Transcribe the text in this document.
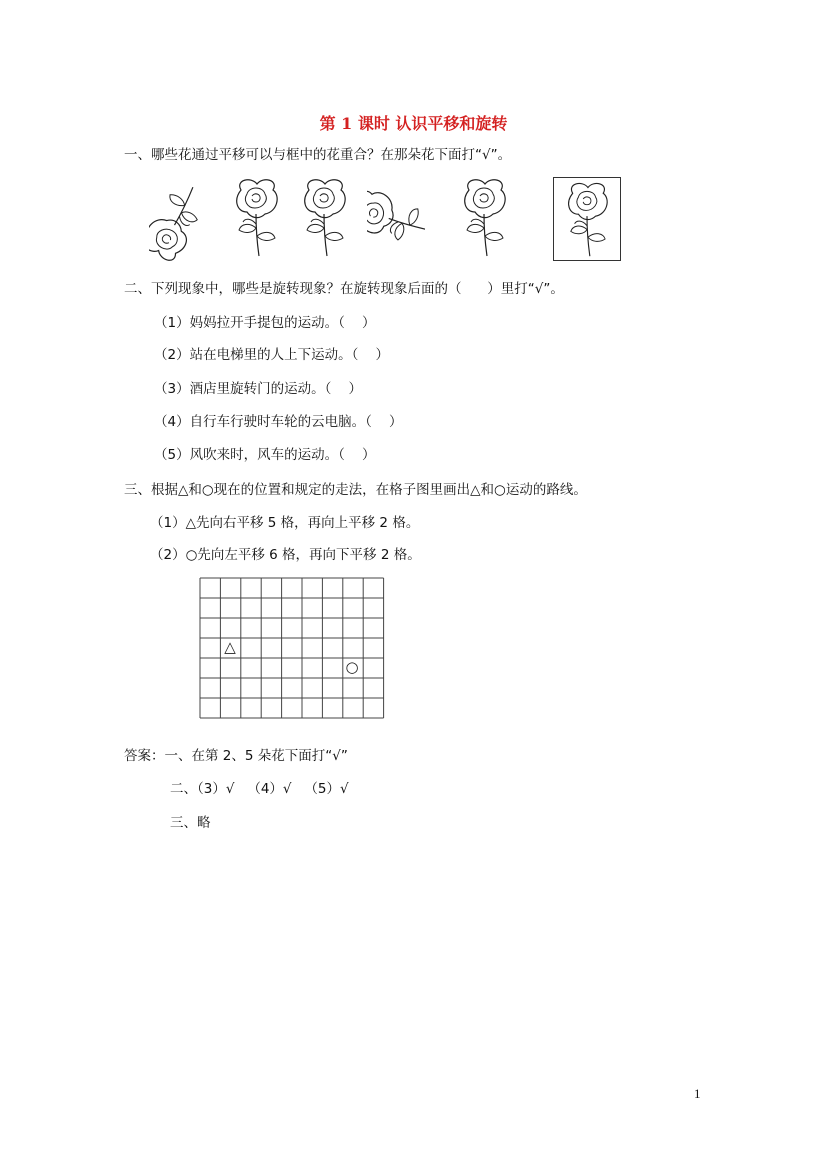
第 1 课时 认识平移和旋转
一、哪些花通过平移可以与框中的花重合？在那朵花下面打“√”。
二、下列现象中，哪些是旋转现象？在旋转现象后面的（      ）里打“√”。
（1）妈妈拉开手提包的运动。（    ）
（2）站在电梯里的人上下运动。（    ）
（3）酒店里旋转门的运动。（    ）
（4）自行车行驶时车轮的云电脑。（    ）
（5）风吹来时，风车的运动。（    ）
三、根据△和○现在的位置和规定的走法，在格子图里画出△和○运动的路线。
（1）△先向右平移 5 格，再向上平移 2 格。
（2）○先向左平移 6 格，再向下平移 2 格。
△
○
答案：一、在第 2、5 朵花下面打“√”
二、（3）√   （4）√   （5）√
三、略
1
